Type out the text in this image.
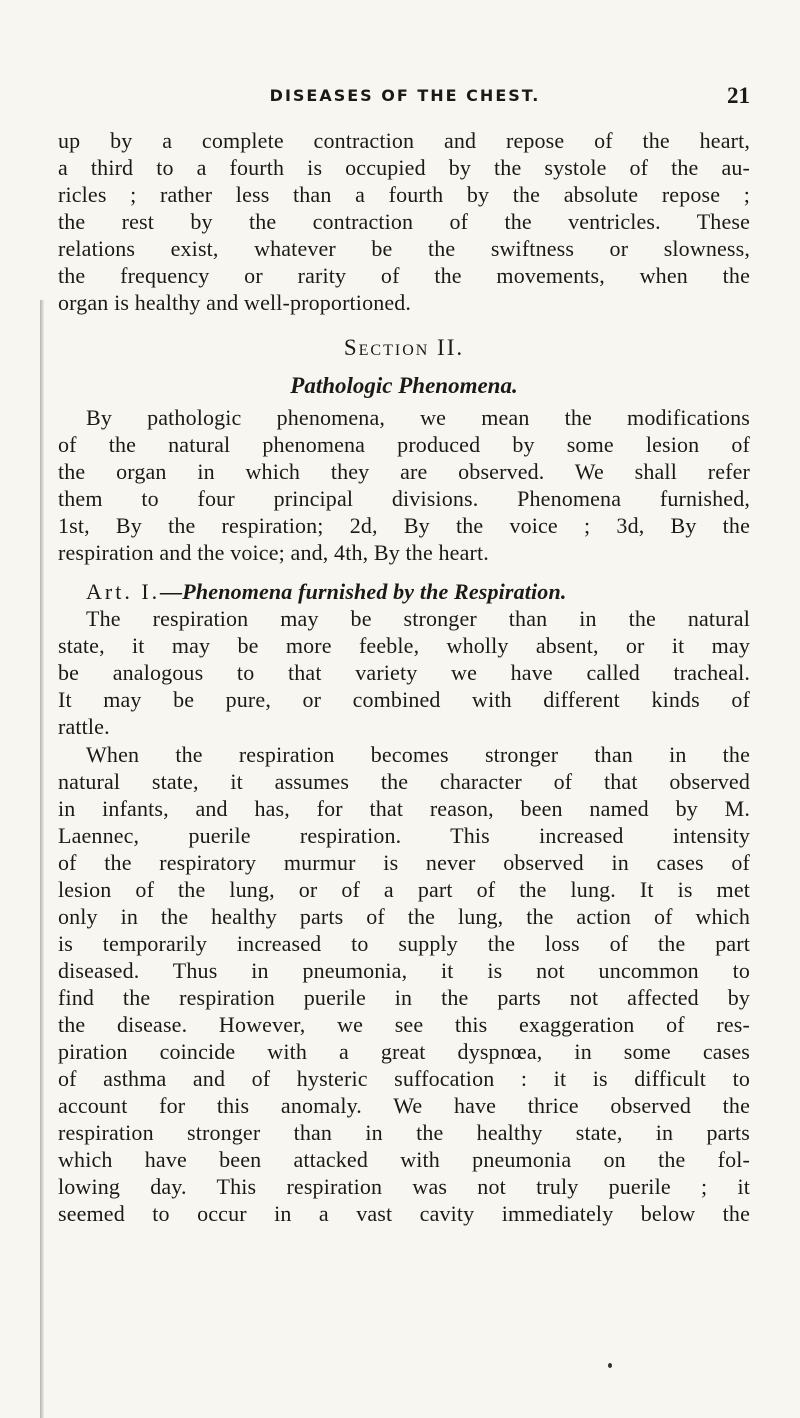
DISEASES OF THE CHEST.	21
up by a complete contraction and repose of the heart,
a third to a fourth is occupied by the systole of the au-
ricles ; rather less than a fourth by the absolute repose ;
the rest by the contraction of the ventricles. These
relations exist, whatever be the swiftness or slowness,
the frequency or rarity of the movements, when the
organ is healthy and well-proportioned.
Section II.
Pathologic Phenomena.
By pathologic phenomena, we mean the modifications
of the natural phenomena produced by some lesion of
the organ in which they are observed. We shall refer
them to four principal divisions. Phenomena furnished,
1st, By the respiration; 2d, By the voice ; 3d, By the
respiration and the voice; and, 4th, By the heart.
Art. I.—Phenomena furnished by the Respiration.
The respiration may be stronger than in the natural
state, it may be more feeble, wholly absent, or it may
be analogous to that variety we have called tracheal.
It may be pure, or combined with different kinds of
rattle.
When the respiration becomes stronger than in the
natural state, it assumes the character of that observed
in infants, and has, for that reason, been named by M.
Laennec, puerile respiration. This increased intensity
of the respiratory murmur is never observed in cases of
lesion of the lung, or of a part of the lung. It is met
only in the healthy parts of the lung, the action of which
is temporarily increased to supply the loss of the part
diseased. Thus in pneumonia, it is not uncommon to
find the respiration puerile in the parts not affected by
the disease. However, we see this exaggeration of res-
piration coincide with a great dyspnœa, in some cases
of asthma and of hysteric suffocation : it is difficult to
account for this anomaly. We have thrice observed the
respiration stronger than in the healthy state, in parts
which have been attacked with pneumonia on the fol-
lowing day. This respiration was not truly puerile ; it
seemed to occur in a vast cavity immediately below the
